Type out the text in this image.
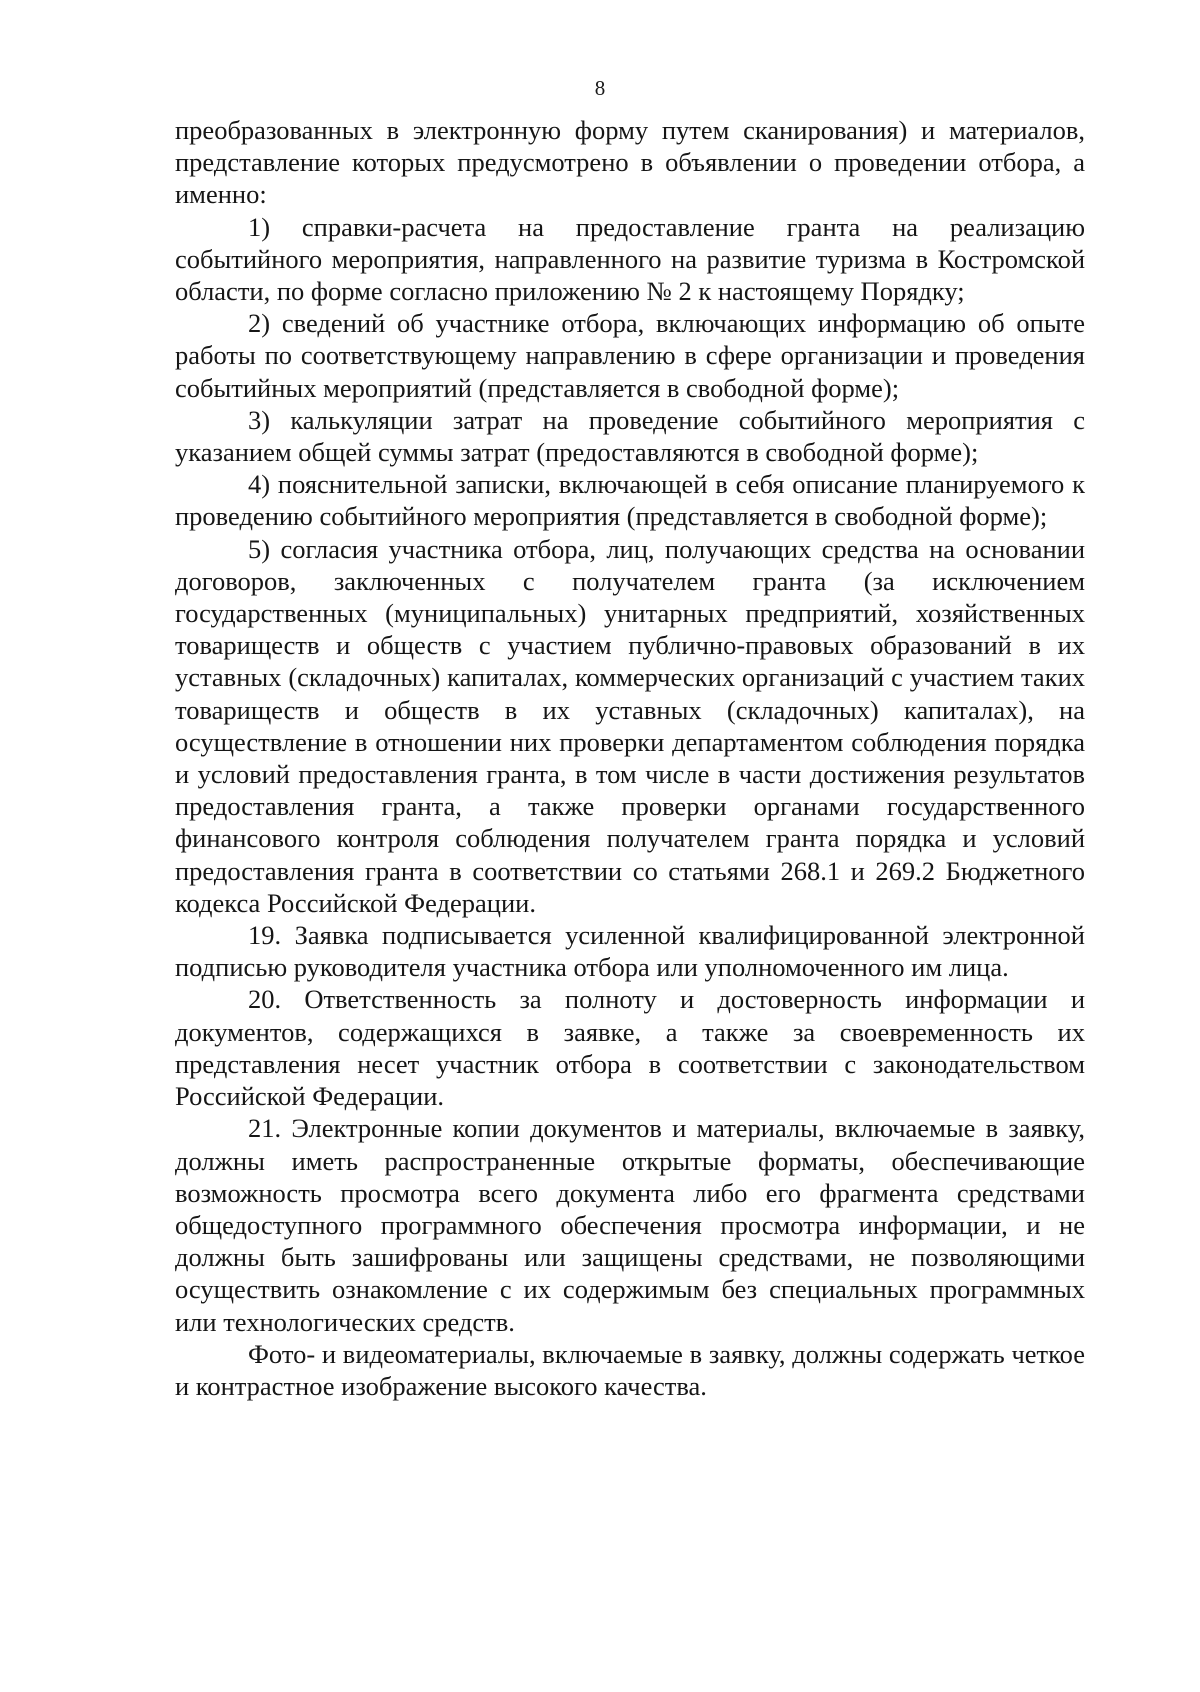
8

преобразованных в электронную форму путем сканирования) и материалов, представление которых предусмотрено в объявлении о проведении отбора, а именно:

1) справки-расчета на предоставление гранта на реализацию событийного мероприятия, направленного на развитие туризма в Костромской области, по форме согласно приложению № 2 к настоящему Порядку;

2) сведений об участнике отбора, включающих информацию об опыте работы по соответствующему направлению в сфере организации и проведения событийных мероприятий (представляется в свободной форме);

3) калькуляции затрат на проведение событийного мероприятия с указанием общей суммы затрат (предоставляются в свободной форме);

4) пояснительной записки, включающей в себя описание планируемого к проведению событийного мероприятия (представляется в свободной форме);

5) согласия участника отбора, лиц, получающих средства на основании договоров, заключенных с получателем гранта (за исключением государственных (муниципальных) унитарных предприятий, хозяйственных товариществ и обществ с участием публично-правовых образований в их уставных (складочных) капиталах, коммерческих организаций с участием таких товариществ и обществ в их уставных (складочных) капиталах), на осуществление в отношении них проверки департаментом соблюдения порядка и условий предоставления гранта, в том числе в части достижения результатов предоставления гранта, а также проверки органами государственного финансового контроля соблюдения получателем гранта порядка и условий предоставления гранта в соответствии со статьями 268.1 и 269.2 Бюджетного кодекса Российской Федерации.

19. Заявка подписывается усиленной квалифицированной электронной подписью руководителя участника отбора или уполномоченного им лица.

20. Ответственность за полноту и достоверность информации и документов, содержащихся в заявке, а также за своевременность их представления несет участник отбора в соответствии с законодательством Российской Федерации.

21. Электронные копии документов и материалы, включаемые в заявку, должны иметь распространенные открытые форматы, обеспечивающие возможность просмотра всего документа либо его фрагмента средствами общедоступного программного обеспечения просмотра информации, и не должны быть зашифрованы или защищены средствами, не позволяющими осуществить ознакомление с их содержимым без специальных программных или технологических средств.

Фото- и видеоматериалы, включаемые в заявку, должны содержать четкое и контрастное изображение высокого качества.
